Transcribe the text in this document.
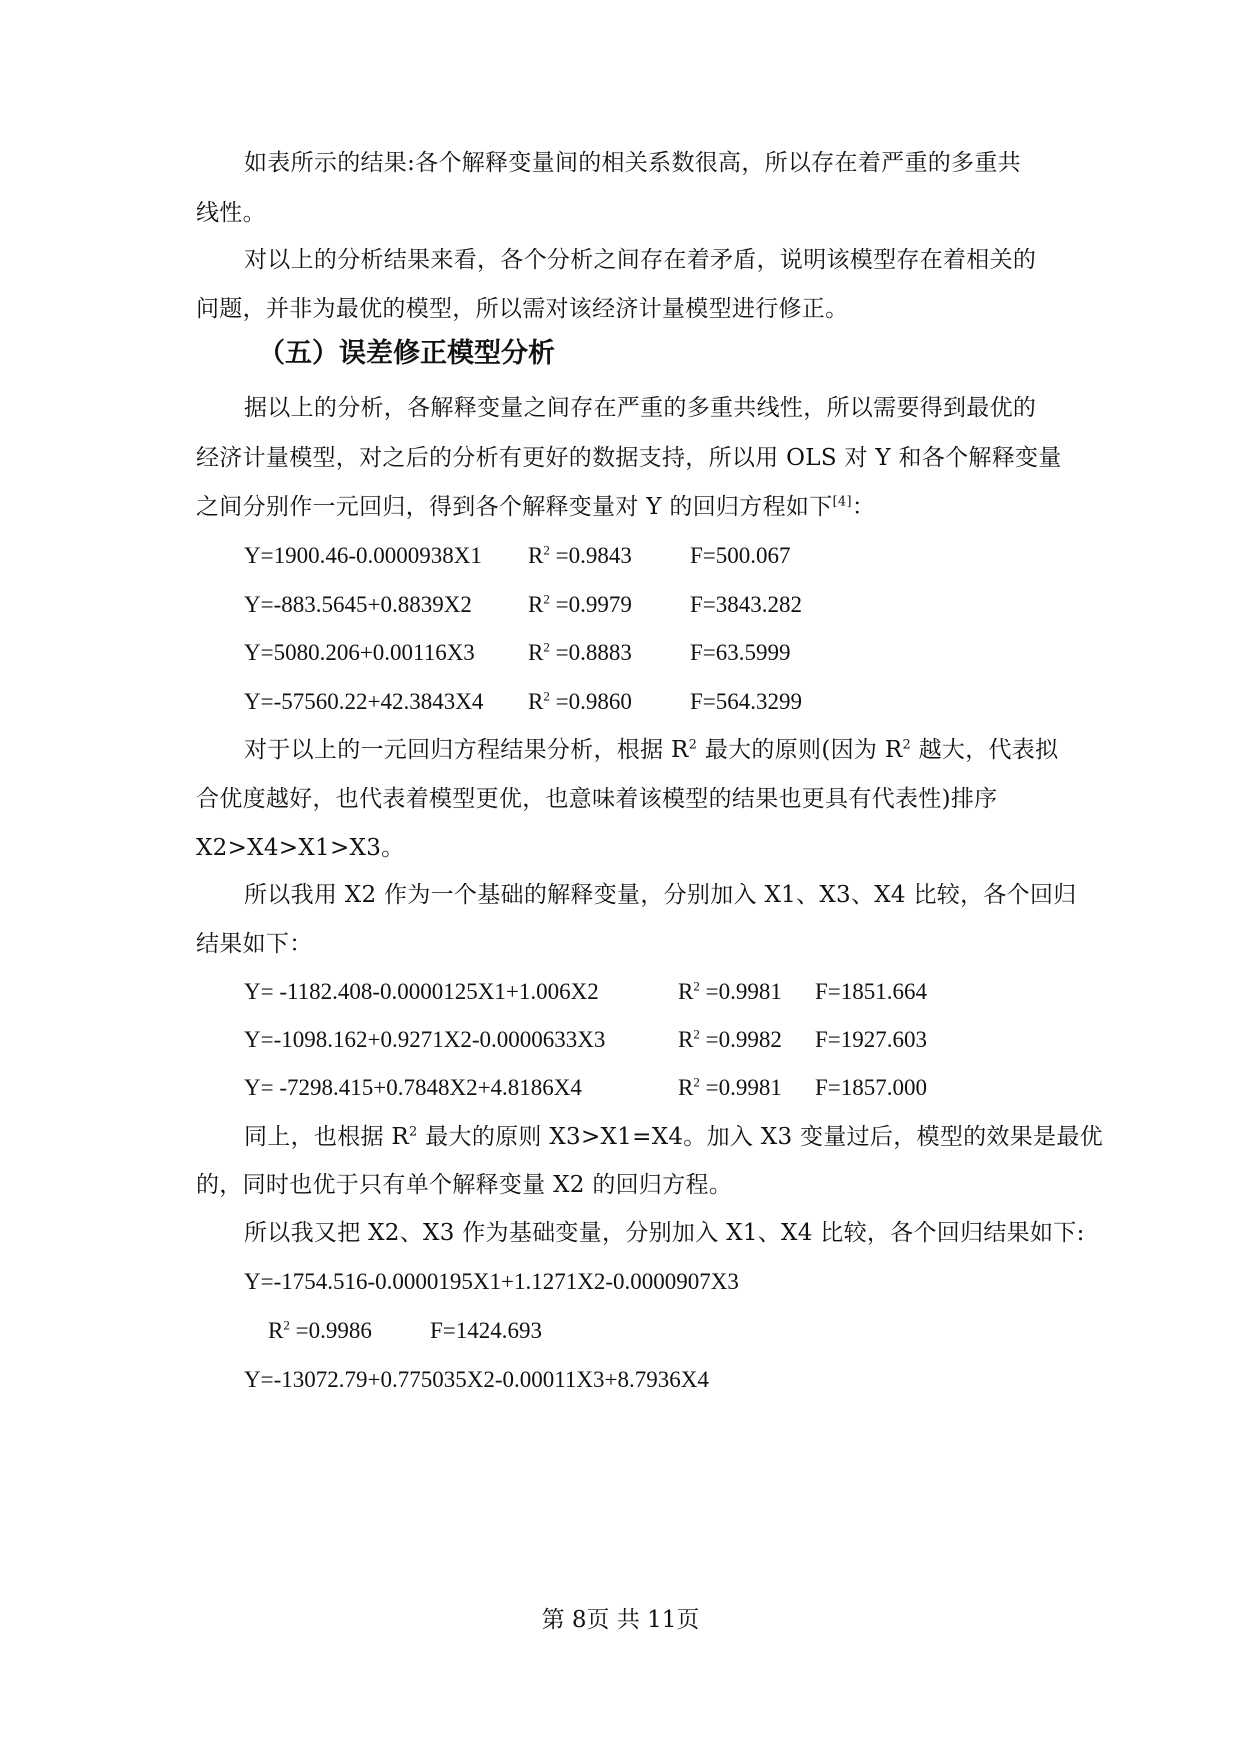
如表所示的结果:各个解释变量间的相关系数很高，所以存在着严重的多重共
线性。
对以上的分析结果来看，各个分析之间存在着矛盾，说明该模型存在着相关的
问题，并非为最优的模型，所以需对该经济计量模型进行修正。
（五）误差修正模型分析
据以上的分析，各解释变量之间存在严重的多重共线性，所以需要得到最优的
经济计量模型，对之后的分析有更好的数据支持，所以用 OLS 对 Y 和各个解释变量
之间分别作一元回归，得到各个解释变量对 Y 的回归方程如下[4]：
Y=1900.46-0.0000938X1 $R^2 =0.9843$	F=500.067
Y=-883.5645+0.8839X2 $R^2 =0.9979$	F=3843.282
Y=5080.206+0.00116X3 $R^2 =0.8883$	F=63.5999
Y=-57560.22+42.3843X4 $R^2 =0.9860$	F=564.3299
对于以上的一元回归方程结果分析，根据 $R^2$ 最大的原则(因为 $R^2$ 越大，代表拟
合优度越好，也代表着模型更优，也意味着该模型的结果也更具有代表性)排序
X2>X4>X1>X3。
所以我用 X2 作为一个基础的解释变量，分别加入 X1、X3、X4 比较，各个回归
结果如下：
Y= -1182.408-0.0000125X1+1.006X2	$R^2 =0.9981$ F=1851.664
Y=-1098.162+0.9271X2-0.0000633X3	$R^2 =0.9982$ F=1927.603
Y= -7298.415+0.7848X2+4.8186X4	$R^2 =0.9981$ F=1857.000
同上，也根据 $R^2$ 最大的原则 X3>X1=X4。加入 X3 变量过后，模型的效果是最优
的，同时也优于只有单个解释变量 X2 的回归方程。
所以我又把 X2、X3 作为基础变量，分别加入 X1、X4 比较，各个回归结果如下:
Y=-1754.516-0.0000195X1+1.1271X2-0.0000907X3
$R^2 =0.9986$	F=1424.693
Y=-13072.79+0.775035X2-0.00011X3+8.7936X4
第 8页 共 11页
